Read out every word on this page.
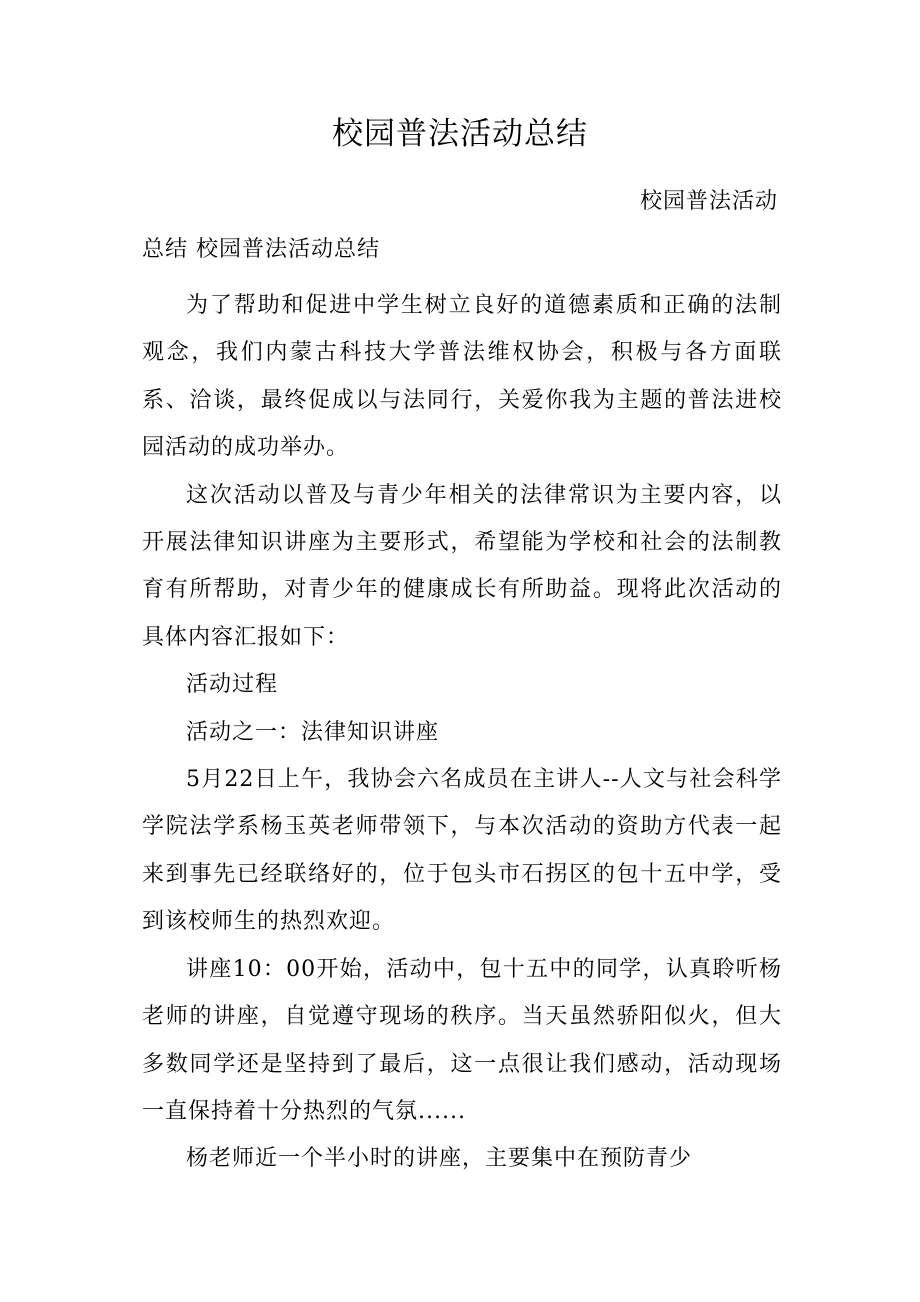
校园普法活动总结
校园普法活动
总结 校园普法活动总结

为了帮助和促进中学生树立良好的道德素质和正确的法制观念，我们内蒙古科技大学普法维权协会，积极与各方面联系、洽谈，最终促成以与法同行，关爱你我为主题的普法进校园活动的成功举办。

这次活动以普及与青少年相关的法律常识为主要内容，以开展法律知识讲座为主要形式，希望能为学校和社会的法制教育有所帮助，对青少年的健康成长有所助益。现将此次活动的具体内容汇报如下：

活动过程

活动之一：法律知识讲座

5月22日上午，我协会六名成员在主讲人--人文与社会科学学院法学系杨玉英老师带领下，与本次活动的资助方代表一起来到事先已经联络好的，位于包头市石拐区的包十五中学，受到该校师生的热烈欢迎。

讲座10：00开始，活动中，包十五中的同学，认真聆听杨老师的讲座，自觉遵守现场的秩序。当天虽然骄阳似火，但大多数同学还是坚持到了最后，这一点很让我们感动，活动现场一直保持着十分热烈的气氛......

杨老师近一个半小时的讲座，主要集中在预防青少
